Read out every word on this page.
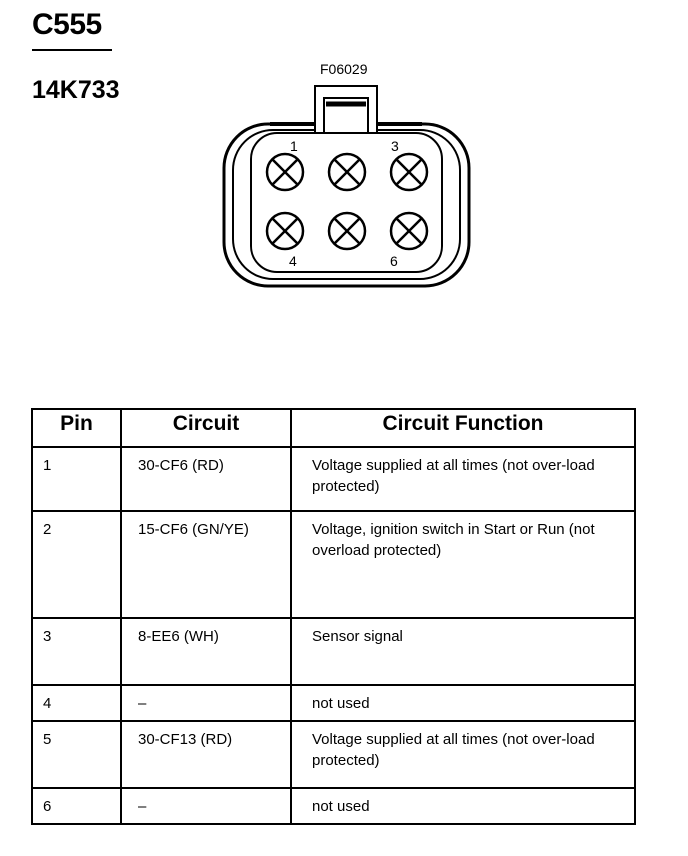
C555
14K733
F06029
1	3
4	6
Pin	Circuit	Circuit Function
1	30-CF6 (RD)	Voltage supplied at all times (not over-load protected)
2	15-CF6 (GN/YE)	Voltage, ignition switch in Start or Run (not overload protected)
3	8-EE6 (WH)	Sensor signal
4	–	not used
5	30-CF13 (RD)	Voltage supplied at all times (not over-load protected)
6	–	not used
